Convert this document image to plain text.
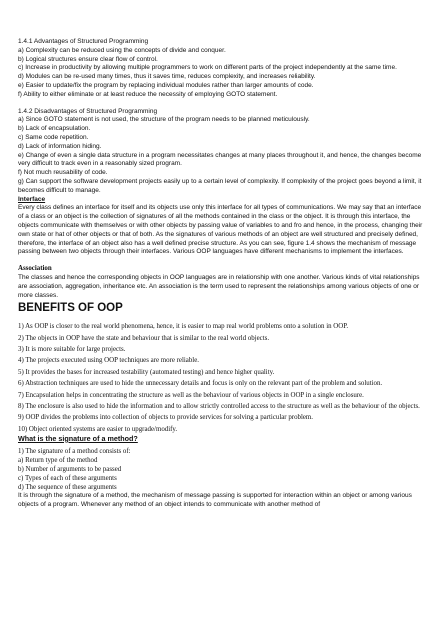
1.4.1 Advantages of Structured Programming

a) Complexity can be reduced using the concepts of divide and conquer.

b) Logical structures ensure clear flow of control.

c) Increase in productivity by allowing multiple programmers to work on different parts of the project independently at the same time.

d) Modules can be re-used many times, thus it saves time, reduces complexity, and increases reliability.

e) Easier to update/fix the program by replacing individual modules rather than larger amounts of code.

f) Ability to either eliminate or at least reduce the necessity of employing GOTO statement.

1.4.2 Disadvantages of Structured Programming

a) Since GOTO statement is not used, the structure of the program needs to be planned meticulously.

b) Lack of encapsulation.

c) Same code repetition.

d) Lack of information hiding.

e) Change of even a single data structure in a program necessitates changes at many places throughout it, and hence, the changes become very difficult to track even in a reasonably sized program.

f) Not much reusability of code.

g) Can support the software development projects easily up to a certain level of complexity. If complexity of the project goes beyond a limit, it becomes difficult to manage.

Interface

Every class defines an interface for itself and its objects use only this interface for all types of communications. We may say that an interface of a class or an object is the collection of signatures of all the methods contained in the class or the object. It is through this interface, the objects communicate with themselves or with other objects by passing value of variables to and fro and hence, in the process, changing their own state or hat of other objects or that of both. As the signatures of various methods of an object are well structured and precisely defined, therefore, the interface of an object also has a well defined precise structure. As you can see, figure 1.4 shows the mechanism of message passing between two objects through their interfaces. Various OOP languages have different mechanisms to implement the interfaces.

Association

The classes and hence the corresponding objects in OOP languages are in relationship with one another. Various kinds of vital relationships are association, aggregation, inheritance etc. An association is the term used to represent the relationships among various objects of one or more classes.

BENEFITS OF OOP

1) As OOP is closer to the real world phenomena, hence, it is easier to map real world problems onto a solution in OOP.

2) The objects in OOP have the state and behaviour that is similar to the real world objects.

3) It is more suitable for large projects.

4) The projects executed using OOP techniques are more reliable.

5) It provides the bases for increased testability (automated testing) and hence higher quality.

6) Abstraction techniques are used to hide the unnecessary details and focus is only on the relevant part of the problem and solution.

7) Encapsulation helps in concentrating the structure as well as the behaviour of various objects in OOP in a single enclosure.

8) The enclosure is also used to hide the information and to allow strictly controlled access to the structure as well as the behaviour of the objects.

9) OOP divides the problems into collection of objects to provide services for solving a particular problem.

10) Object oriented systems are easier to upgrade/modify.

What is the signature of a method?

1) The signature of a method consists of:

a) Return type of the method

b) Number of arguments to be passed

c) Types of each of these arguments

d) The sequence of these arguments

It is through the signature of a method, the mechanism of message passing is supported for interaction within an object or among various objects of a program. Whenever any method of an object intends to communicate with another method of
